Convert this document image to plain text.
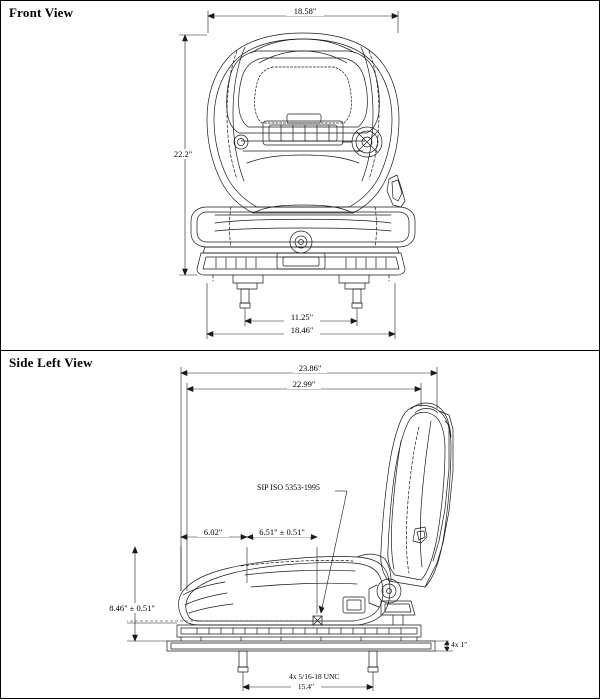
Front View	18.58"
22.2"
11.25"
18.46"
Side Left View	23.86"
22.99"
6.02"	6.51" ± 0.51"
8.46" ± 0.51"
4x 1"
4x 5/16-18 UNC
15.4"
SIP ISO 5353-1995
